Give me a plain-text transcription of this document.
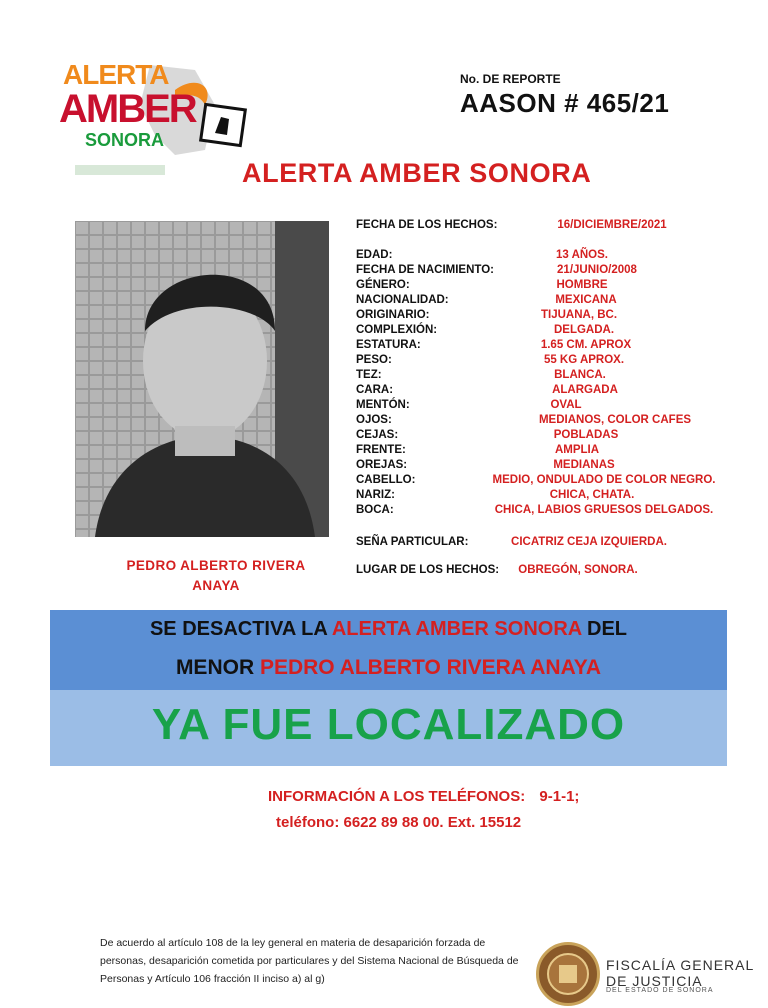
ALERTA
AMBER
SONORA
No. DE REPORTE
AASON # 465/21
ALERTA AMBER SONORA
PEDRO ALBERTO RIVERA
ANAYA
FECHA DE LOS HECHOS:	16/DICIEMBRE/2021
EDAD:	13 AÑOS.
FECHA DE NACIMIENTO:	21/JUNIO/2008
GÉNERO:	HOMBRE
NACIONALIDAD:	MEXICANA
ORIGINARIO:	TIJUANA, BC.
COMPLEXIÓN:	DELGADA.
ESTATURA:	1.65 CM. APROX
PESO:	55 KG APROX.
TEZ:	BLANCA.
CARA:	ALARGADA
MENTÓN:	OVAL
OJOS:	MEDIANOS, COLOR CAFES
CEJAS:	POBLADAS
FRENTE:	AMPLIA
OREJAS:	MEDIANAS
CABELLO:	MEDIO, ONDULADO DE COLOR NEGRO.
NARIZ:	CHICA, CHATA.
BOCA:	CHICA, LABIOS GRUESOS DELGADOS.
SEÑA PARTICULAR:	CICATRIZ CEJA IZQUIERDA.
LUGAR DE LOS HECHOS: OBREGÓN, SONORA.
SE DESACTIVA LA ALERTA AMBER SONORA DEL
MENOR PEDRO ALBERTO RIVERA ANAYA
YA FUE LOCALIZADO
INFORMACIÓN A LOS TELÉFONOS: 9-1-1;
teléfono: 6622 89 88 00. Ext. 15512
De acuerdo al artículo 108 de la ley general en materia de desaparición forzada de personas, desaparición cometida por particulares y del Sistema Nacional de Búsqueda de Personas y Artículo 106 fracción II inciso a) al g)
FISCALÍA GENERAL
DE JUSTICIA
DEL ESTADO DE SONORA
